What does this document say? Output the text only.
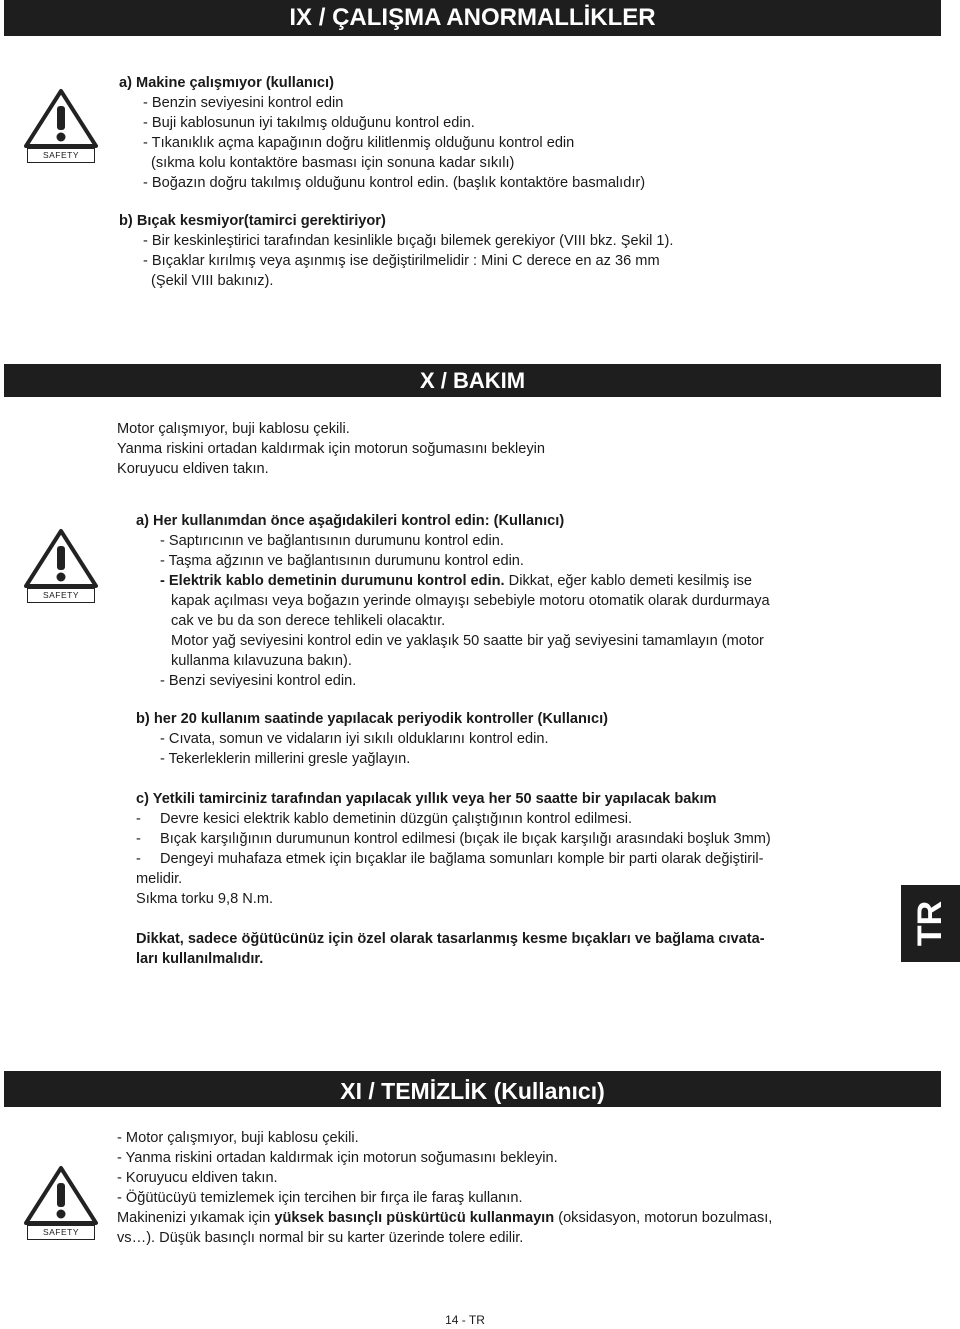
IX / ÇALIŞMA ANORMALLİKLER
SAFETY
a) Makine çalışmıyor (kullanıcı)
- Benzin seviyesini kontrol edin
- Buji kablosunun iyi takılmış olduğunu kontrol edin.
- Tıkanıklık açma kapağının doğru kilitlenmiş olduğunu kontrol edin
(sıkma kolu kontaktöre basması için sonuna kadar sıkılı)
- Boğazın doğru takılmış olduğunu kontrol edin. (başlık kontaktöre basmalıdır)
b) Bıçak kesmiyor(tamirci gerektiriyor)
- Bir keskinleştirici tarafından kesinlikle bıçağı bilemek gerekiyor (VIII bkz. Şekil 1).
- Bıçaklar kırılmış veya aşınmış ise değiştirilmelidir : Mini C derece en az 36 mm
(Şekil VIII bakınız).
X / BAKIM
Motor çalışmıyor, buji kablosu çekili.
Yanma riskini ortadan kaldırmak için motorun soğumasını bekleyin
Koruyucu eldiven takın.
SAFETY
a) Her kullanımdan önce aşağıdakileri kontrol edin: (Kullanıcı)
- Saptırıcının ve bağlantısının durumunu kontrol edin.
- Taşma ağzının ve bağlantısının durumunu kontrol edin.
- Elektrik kablo demetinin durumunu kontrol edin. Dikkat, eğer kablo demeti kesilmiş ise
kapak açılması veya boğazın yerinde olmayışı sebebiyle motoru otomatik olarak durdurmaya
cak ve bu da son derece tehlikeli olacaktır.
Motor yağ seviyesini kontrol edin ve yaklaşık 50 saatte bir yağ seviyesini tamamlayın (motor
kullanma kılavuzuna bakın).
- Benzi seviyesini kontrol edin.
b) her 20 kullanım saatinde yapılacak periyodik kontroller (Kullanıcı)
- Cıvata, somun ve vidaların iyi sıkılı olduklarını kontrol edin.
- Tekerleklerin millerini gresle yağlayın.
c) Yetkili tamirciniz tarafından yapılacak yıllık veya her 50 saatte bir yapılacak bakım
- Devre kesici elektrik kablo demetinin düzgün çalıştığının kontrol edilmesi.
- Bıçak karşılığının durumunun kontrol edilmesi (bıçak ile bıçak karşılığı arasındaki boşluk 3mm)
- Dengeyi muhafaza etmek için bıçaklar ile bağlama somunları komple bir parti olarak değiştiril-
melidir.
Sıkma torku 9,8 N.m.
Dikkat, sadece öğütücünüz için özel olarak tasarlanmış kesme bıçakları ve bağlama cıvata-
ları kullanılmalıdır.
TR
XI / TEMİZLİK (Kullanıcı)
SAFETY
- Motor çalışmıyor, buji kablosu çekili.
- Yanma riskini ortadan kaldırmak için motorun soğumasını bekleyin.
- Koruyucu eldiven takın.
- Öğütücüyü temizlemek için tercihen bir fırça ile faraş kullanın.
Makinenizi yıkamak için yüksek basınçlı püskürtücü kullanmayın (oksidasyon, motorun bozulması,
vs…). Düşük basınçlı normal bir su karter üzerinde tolere edilir.
14 - TR
